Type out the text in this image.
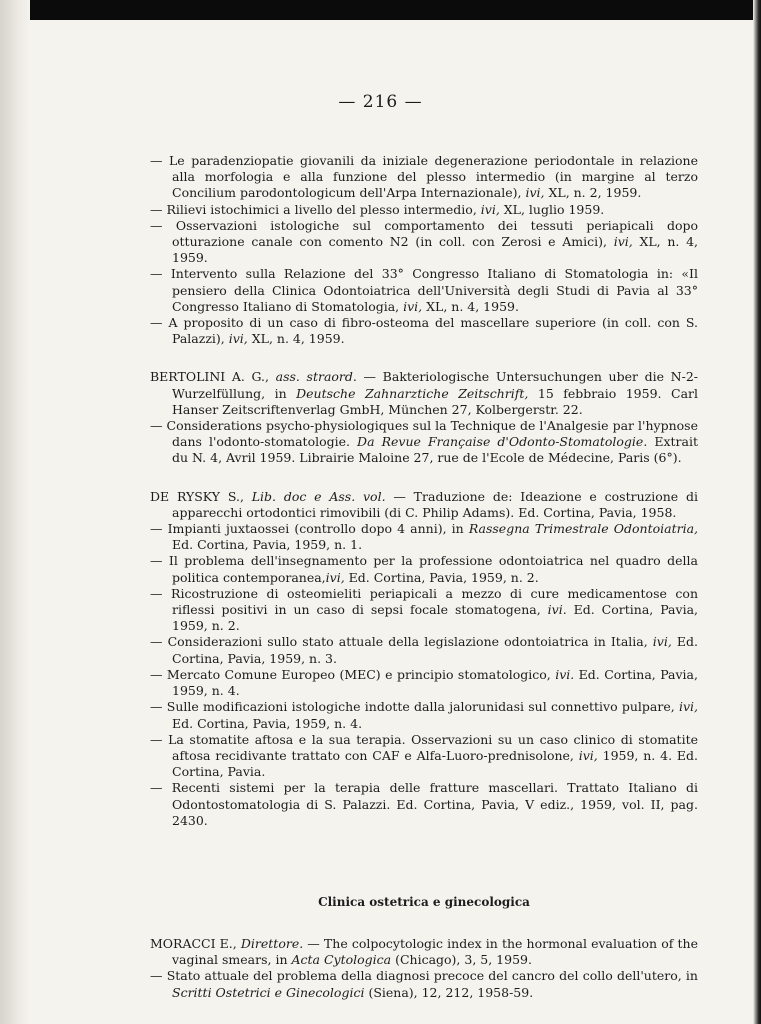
— 216 —

— Le paradenziopatie giovanili da iniziale degenerazione periodontale in relazione alla morfologia e alla funzione del plesso intermedio (in margine al terzo Concilium parodontologicum dell'Arpa Internazionale), ivi, XL, n. 2, 1959.

— Rilievi istochimici a livello del plesso intermedio, ivi, XL, luglio 1959.

— Osservazioni istologiche sul comportamento dei tessuti periapicali dopo otturazione canale con comento N2 (in coll. con Zerosi e Amici), ivi, XL, n. 4, 1959.

— Intervento sulla Relazione del 33° Congresso Italiano di Stomatologia in: «Il pensiero della Clinica Odontoiatrica dell'Università degli Studi di Pavia al 33° Congresso Italiano di Stomatologia, ivi, XL, n. 4, 1959.

— A proposito di un caso di fibro-osteoma del mascellare superiore (in coll. con S. Palazzi), ivi, XL, n. 4, 1959.

BERTOLINI A. G., ass. straord. — Bakteriologische Untersuchungen uber die N-2-Wurzelfüllung, in Deutsche Zahnarztiche Zeitschrift, 15 febbraio 1959. Carl Hanser Zeitscriftenverlag GmbH, München 27, Kolbergerstr. 22.

— Considerations psycho-physiologiques sul la Technique de l'Analgesie par l'hypnose dans l'odonto-stomatologie. Da Revue Française d'Odonto-Stomatologie. Extrait du N. 4, Avril 1959. Librairie Maloine 27, rue de l'Ecole de Médecine, Paris (6°).

DE RYSKY S., Lib. doc e Ass. vol. — Traduzione de: Ideazione e costruzione di apparecchi ortodontici rimovibili (di C. Philip Adams). Ed. Cortina, Pavia, 1958.

— Impianti juxtaossei (controllo dopo 4 anni), in Rassegna Trimestrale Odontoiatria, Ed. Cortina, Pavia, 1959, n. 1.

— Il problema dell'insegnamento per la professione odontoiatrica nel quadro della politica contemporanea,ivi, Ed. Cortina, Pavia, 1959, n. 2.

— Ricostruzione di osteomieliti periapicali a mezzo di cure medicamentose con riflessi positivi in un caso di sepsi focale stomatogena, ivi. Ed. Cortina, Pavia, 1959, n. 2.

— Considerazioni sullo stato attuale della legislazione odontoiatrica in Italia, ivi, Ed. Cortina, Pavia, 1959, n. 3.

— Mercato Comune Europeo (MEC) e principio stomatologico, ivi. Ed. Cortina, Pavia, 1959, n. 4.

— Sulle modificazioni istologiche indotte dalla jalorunidasi sul connettivo pulpare, ivi, Ed. Cortina, Pavia, 1959, n. 4.

— La stomatite aftosa e la sua terapia. Osservazioni su un caso clinico di stomatite aftosa recidivante trattato con CAF e Alfa-Luoro-prednisolone, ivi, 1959, n. 4. Ed. Cortina, Pavia.

— Recenti sistemi per la terapia delle fratture mascellari. Trattato Italiano di Odontostomatologia di S. Palazzi. Ed. Cortina, Pavia, V ediz., 1959, vol. II, pag. 2430.

Clinica ostetrica e ginecologica

MORACCI E., Direttore. — The colpocytologic index in the hormonal evaluation of the vaginal smears, in Acta Cytologica (Chicago), 3, 5, 1959.

— Stato attuale del problema della diagnosi precoce del cancro del collo dell'utero, in Scritti Ostetrici e Ginecologici (Siena), 12, 212, 1958-59.
